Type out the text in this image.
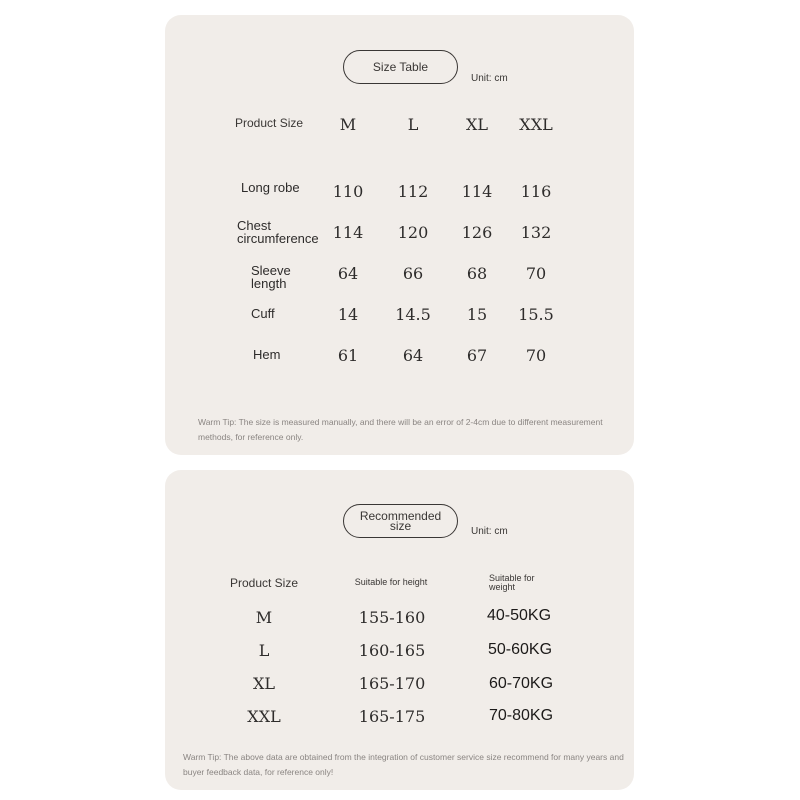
Size Table
Unit: cm
Product Size M	L	XL XXL
Long robe 110 112 114 116
Chest
circumference 114 120 126 132
Sleeve
length
64	66	68 70
Cuff	14 14.5 15 15.5
Hem	61	64	67 70
Warm Tip: The size is measured manually, and there will be an error of 2-4cm due to different measurement
methods, for reference only.
Recommended
size	Unit: cm
Product Size	Suitable for height	Suitable for
weight
M	155-160	40-50KG
L	160-165	50-60KG
XL	165-170	60-70KG
XXL	165-175	70-80KG
Warm Tip: The above data are obtained from the integration of customer service size recommend for many years and
buyer feedback data, for reference only!
